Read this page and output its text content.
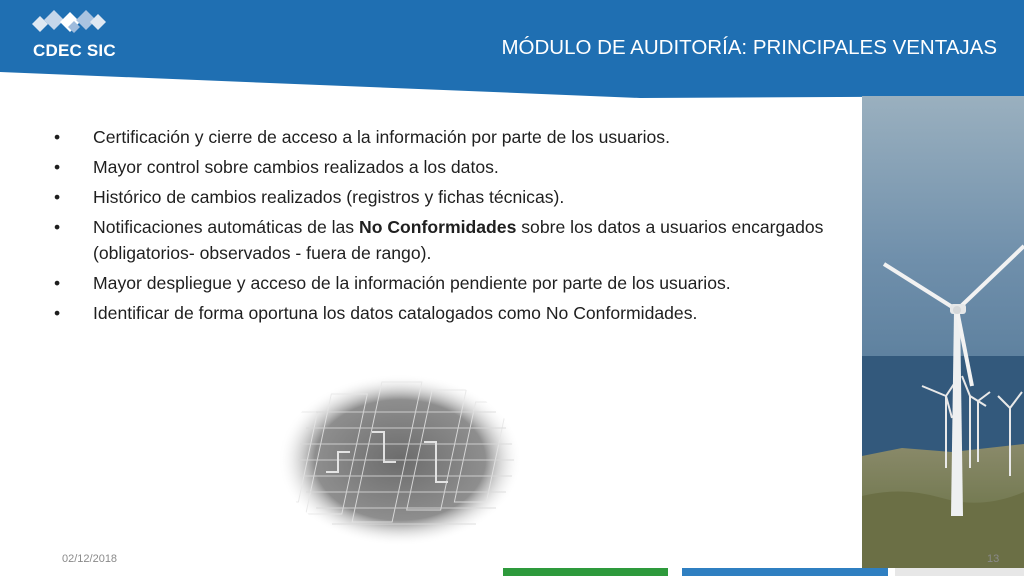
CDEC SIC	MÓDULO DE AUDITORÍA: PRINCIPALES VENTAJAS
• Certificación y cierre de acceso a la información por parte de los usuarios.
• Mayor control sobre cambios realizados a los datos.
• Histórico de cambios realizados (registros y fichas técnicas).
• Notificaciones automáticas de las No Conformidades sobre los datos a usuarios encargados (obligatorios- observados - fuera de rango).
• Mayor despliegue y acceso de la información pendiente por parte de los usuarios.
• Identificar de forma oportuna los datos catalogados como No Conformidades.
02/12/2018	13
